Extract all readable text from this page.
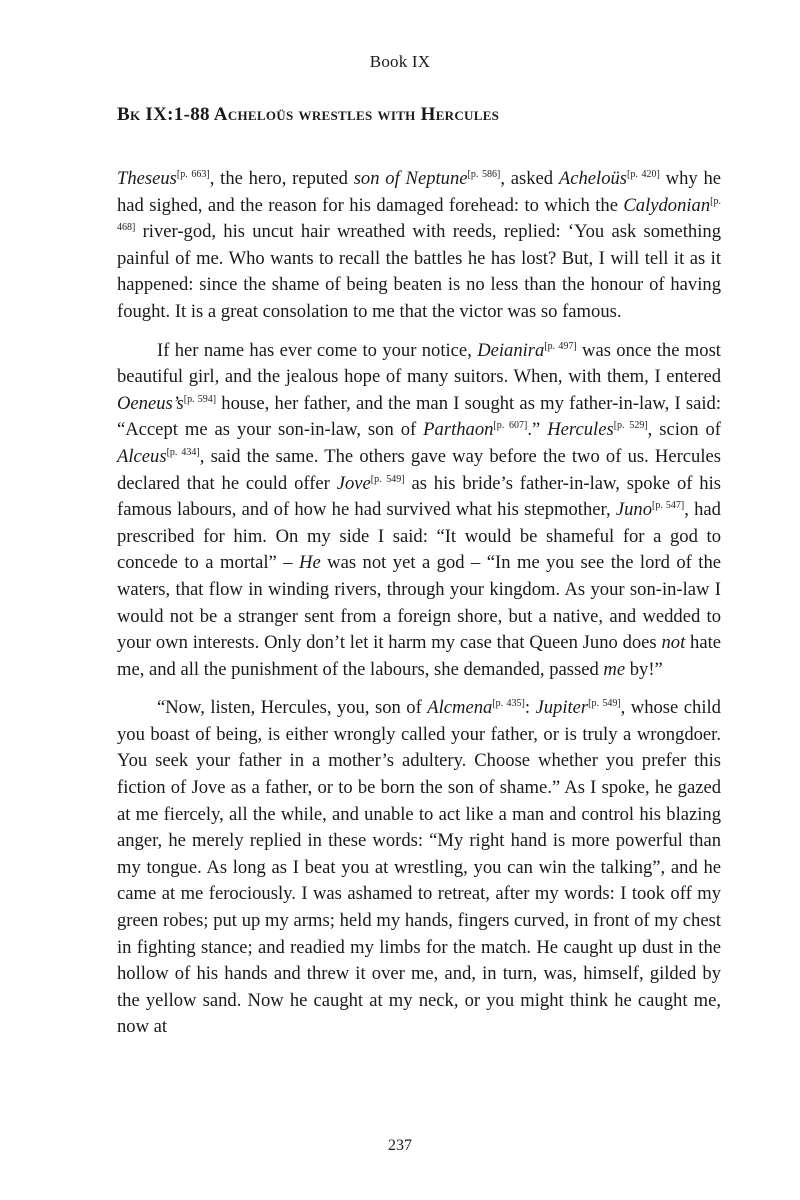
Book IX
Bk IX:1-88 Acheloüs wrestles with Hercules

Theseus[p. 663], the hero, reputed son of Neptune[p. 586], asked Acheloüs[p. 420] why he had sighed, and the reason for his damaged forehead: to which the Calydonian[p. 468] river-god, his uncut hair wreathed with reeds, replied: ‘You ask something painful of me. Who wants to recall the battles he has lost? But, I will tell it as it happened: since the shame of being beaten is no less than the honour of having fought. It is a great consolation to me that the victor was so famous.

If her name has ever come to your notice, Deianira[p. 497] was once the most beautiful girl, and the jealous hope of many suitors. When, with them, I entered Oeneus’s[p. 594] house, her father, and the man I sought as my father-in-law, I said: “Accept me as your son-in-law, son of Parthaon[p. 607].” Hercules[p. 529], scion of Alceus[p. 434], said the same. The others gave way before the two of us. Hercules declared that he could offer Jove[p. 549] as his bride’s father-in-law, spoke of his famous labours, and of how he had survived what his stepmother, Juno[p. 547], had prescribed for him. On my side I said: “It would be shameful for a god to concede to a mortal” – He was not yet a god – “In me you see the lord of the waters, that flow in winding rivers, through your kingdom. As your son-in-law I would not be a stranger sent from a foreign shore, but a native, and wedded to your own interests. Only don’t let it harm my case that Queen Juno does not hate me, and all the punishment of the labours, she demanded, passed me by!”

“Now, listen, Hercules, you, son of Alcmena[p. 435]: Jupiter[p. 549], whose child you boast of being, is either wrongly called your father, or is truly a wrongdoer. You seek your father in a mother’s adultery. Choose whether you prefer this fiction of Jove as a father, or to be born the son of shame.” As I spoke, he gazed at me fiercely, all the while, and unable to act like a man and control his blazing anger, he merely replied in these words: “My right hand is more powerful than my tongue. As long as I beat you at wrestling, you can win the talking”, and he came at me ferociously. I was ashamed to retreat, after my words: I took off my green robes; put up my arms; held my hands, fingers curved, in front of my chest in fighting stance; and readied my limbs for the match. He caught up dust in the hollow of his hands and threw it over me, and, in turn, was, himself, gilded by the yellow sand. Now he caught at my neck, or you might think he caught me, now at

237
